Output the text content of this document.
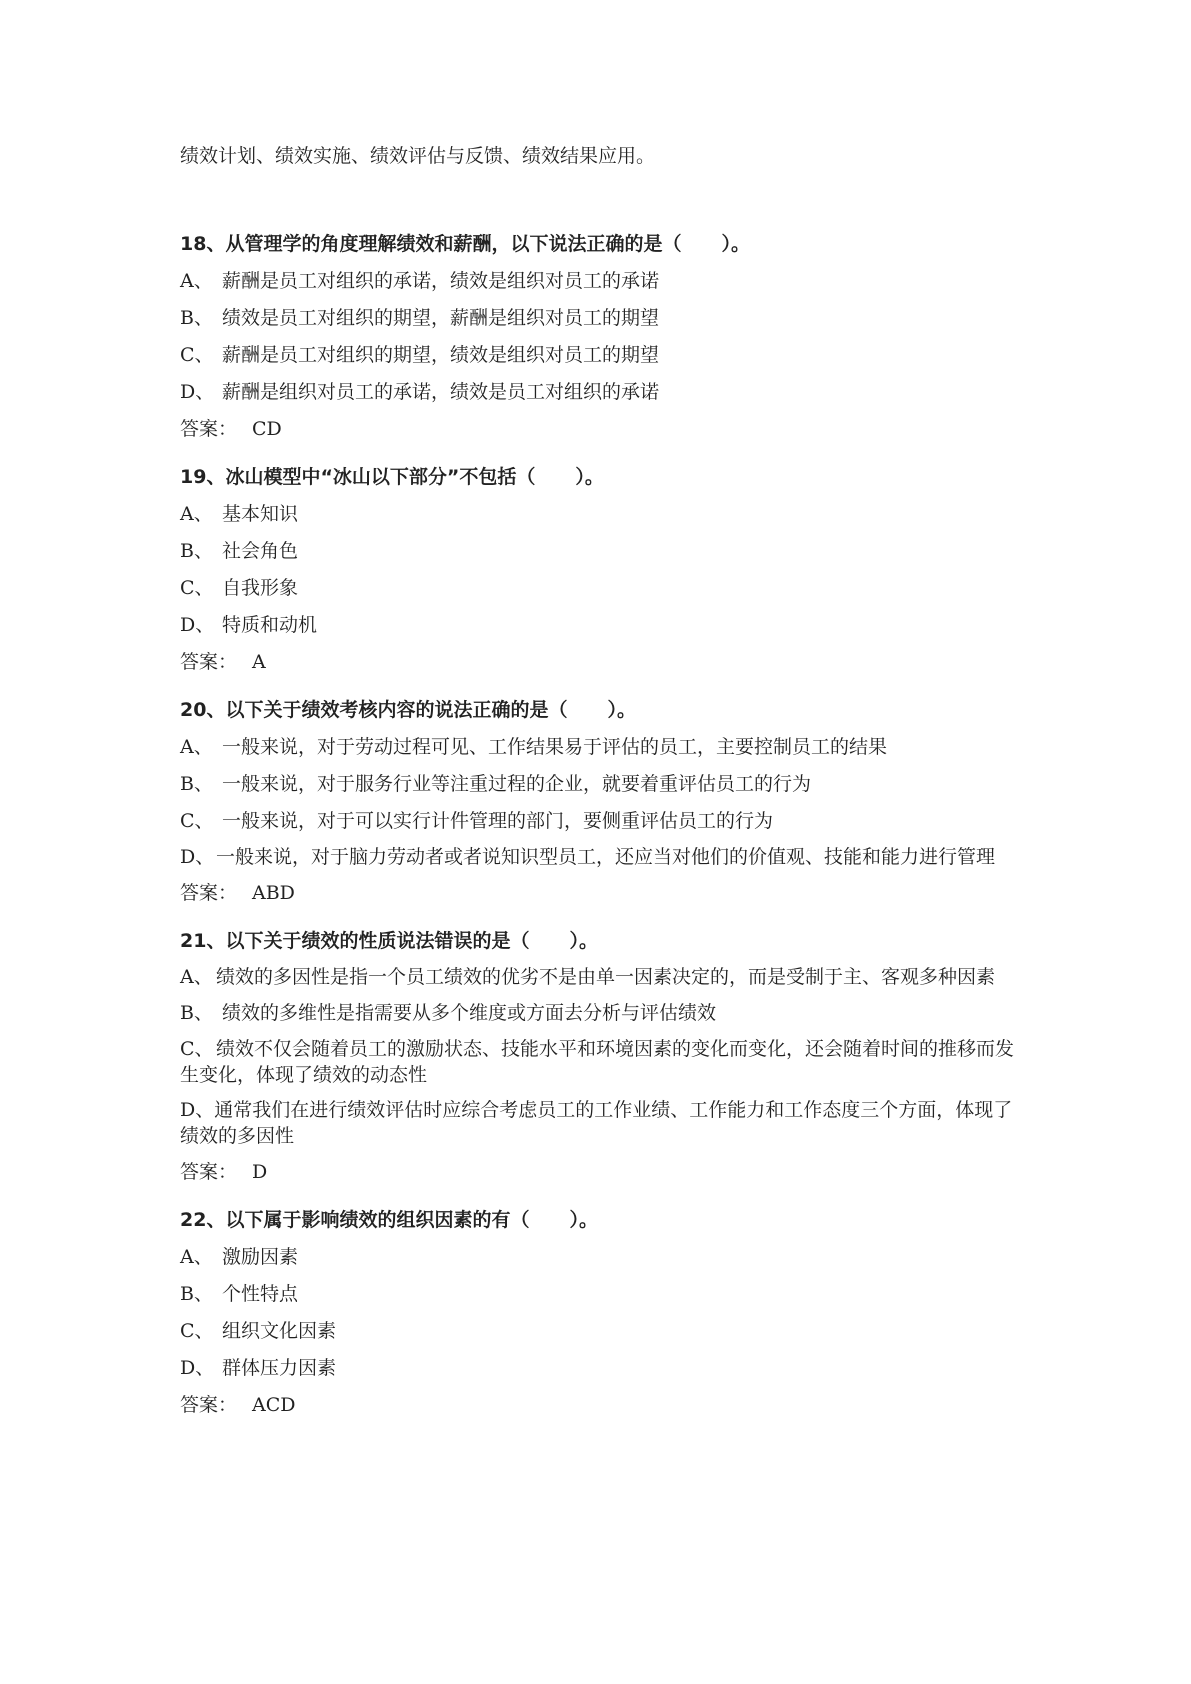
绩效计划、绩效实施、绩效评估与反馈、绩效结果应用。
18、从管理学的角度理解绩效和薪酬，以下说法正确的是（ ）。
A、 薪酬是员工对组织的承诺，绩效是组织对员工的承诺
B、 绩效是员工对组织的期望，薪酬是组织对员工的期望
C、 薪酬是员工对组织的期望，绩效是组织对员工的期望
D、 薪酬是组织对员工的承诺，绩效是员工对组织的承诺
答案： CD
19、冰山模型中“冰山以下部分”不包括（ ）。
A、 基本知识
B、 社会角色
C、 自我形象
D、 特质和动机
答案： A
20、以下关于绩效考核内容的说法正确的是（ ）。
A、 一般来说，对于劳动过程可见、工作结果易于评估的员工，主要控制员工的结果
B、 一般来说，对于服务行业等注重过程的企业，就要着重评估员工的行为
C、 一般来说，对于可以实行计件管理的部门，要侧重评估员工的行为
D、一般来说，对于脑力劳动者或者说知识型员工，还应当对他们的价值观、技能和能力进行管理
答案： ABD
21、以下关于绩效的性质说法错误的是（ ）。
A、 绩效的多因性是指一个员工绩效的优劣不是由单一因素决定的，而是受制于主、客观多种因素
B、 绩效的多维性是指需要从多个维度或方面去分析与评估绩效
C、 绩效不仅会随着员工的激励状态、技能水平和环境因素的变化而变化，还会随着时间的推移而发生变化，体现了绩效的动态性
D、通常我们在进行绩效评估时应综合考虑员工的工作业绩、工作能力和工作态度三个方面，体现了绩效的多因性
答案： D
22、以下属于影响绩效的组织因素的有（ ）。
A、 激励因素
B、 个性特点
C、 组织文化因素
D、 群体压力因素
答案： ACD
